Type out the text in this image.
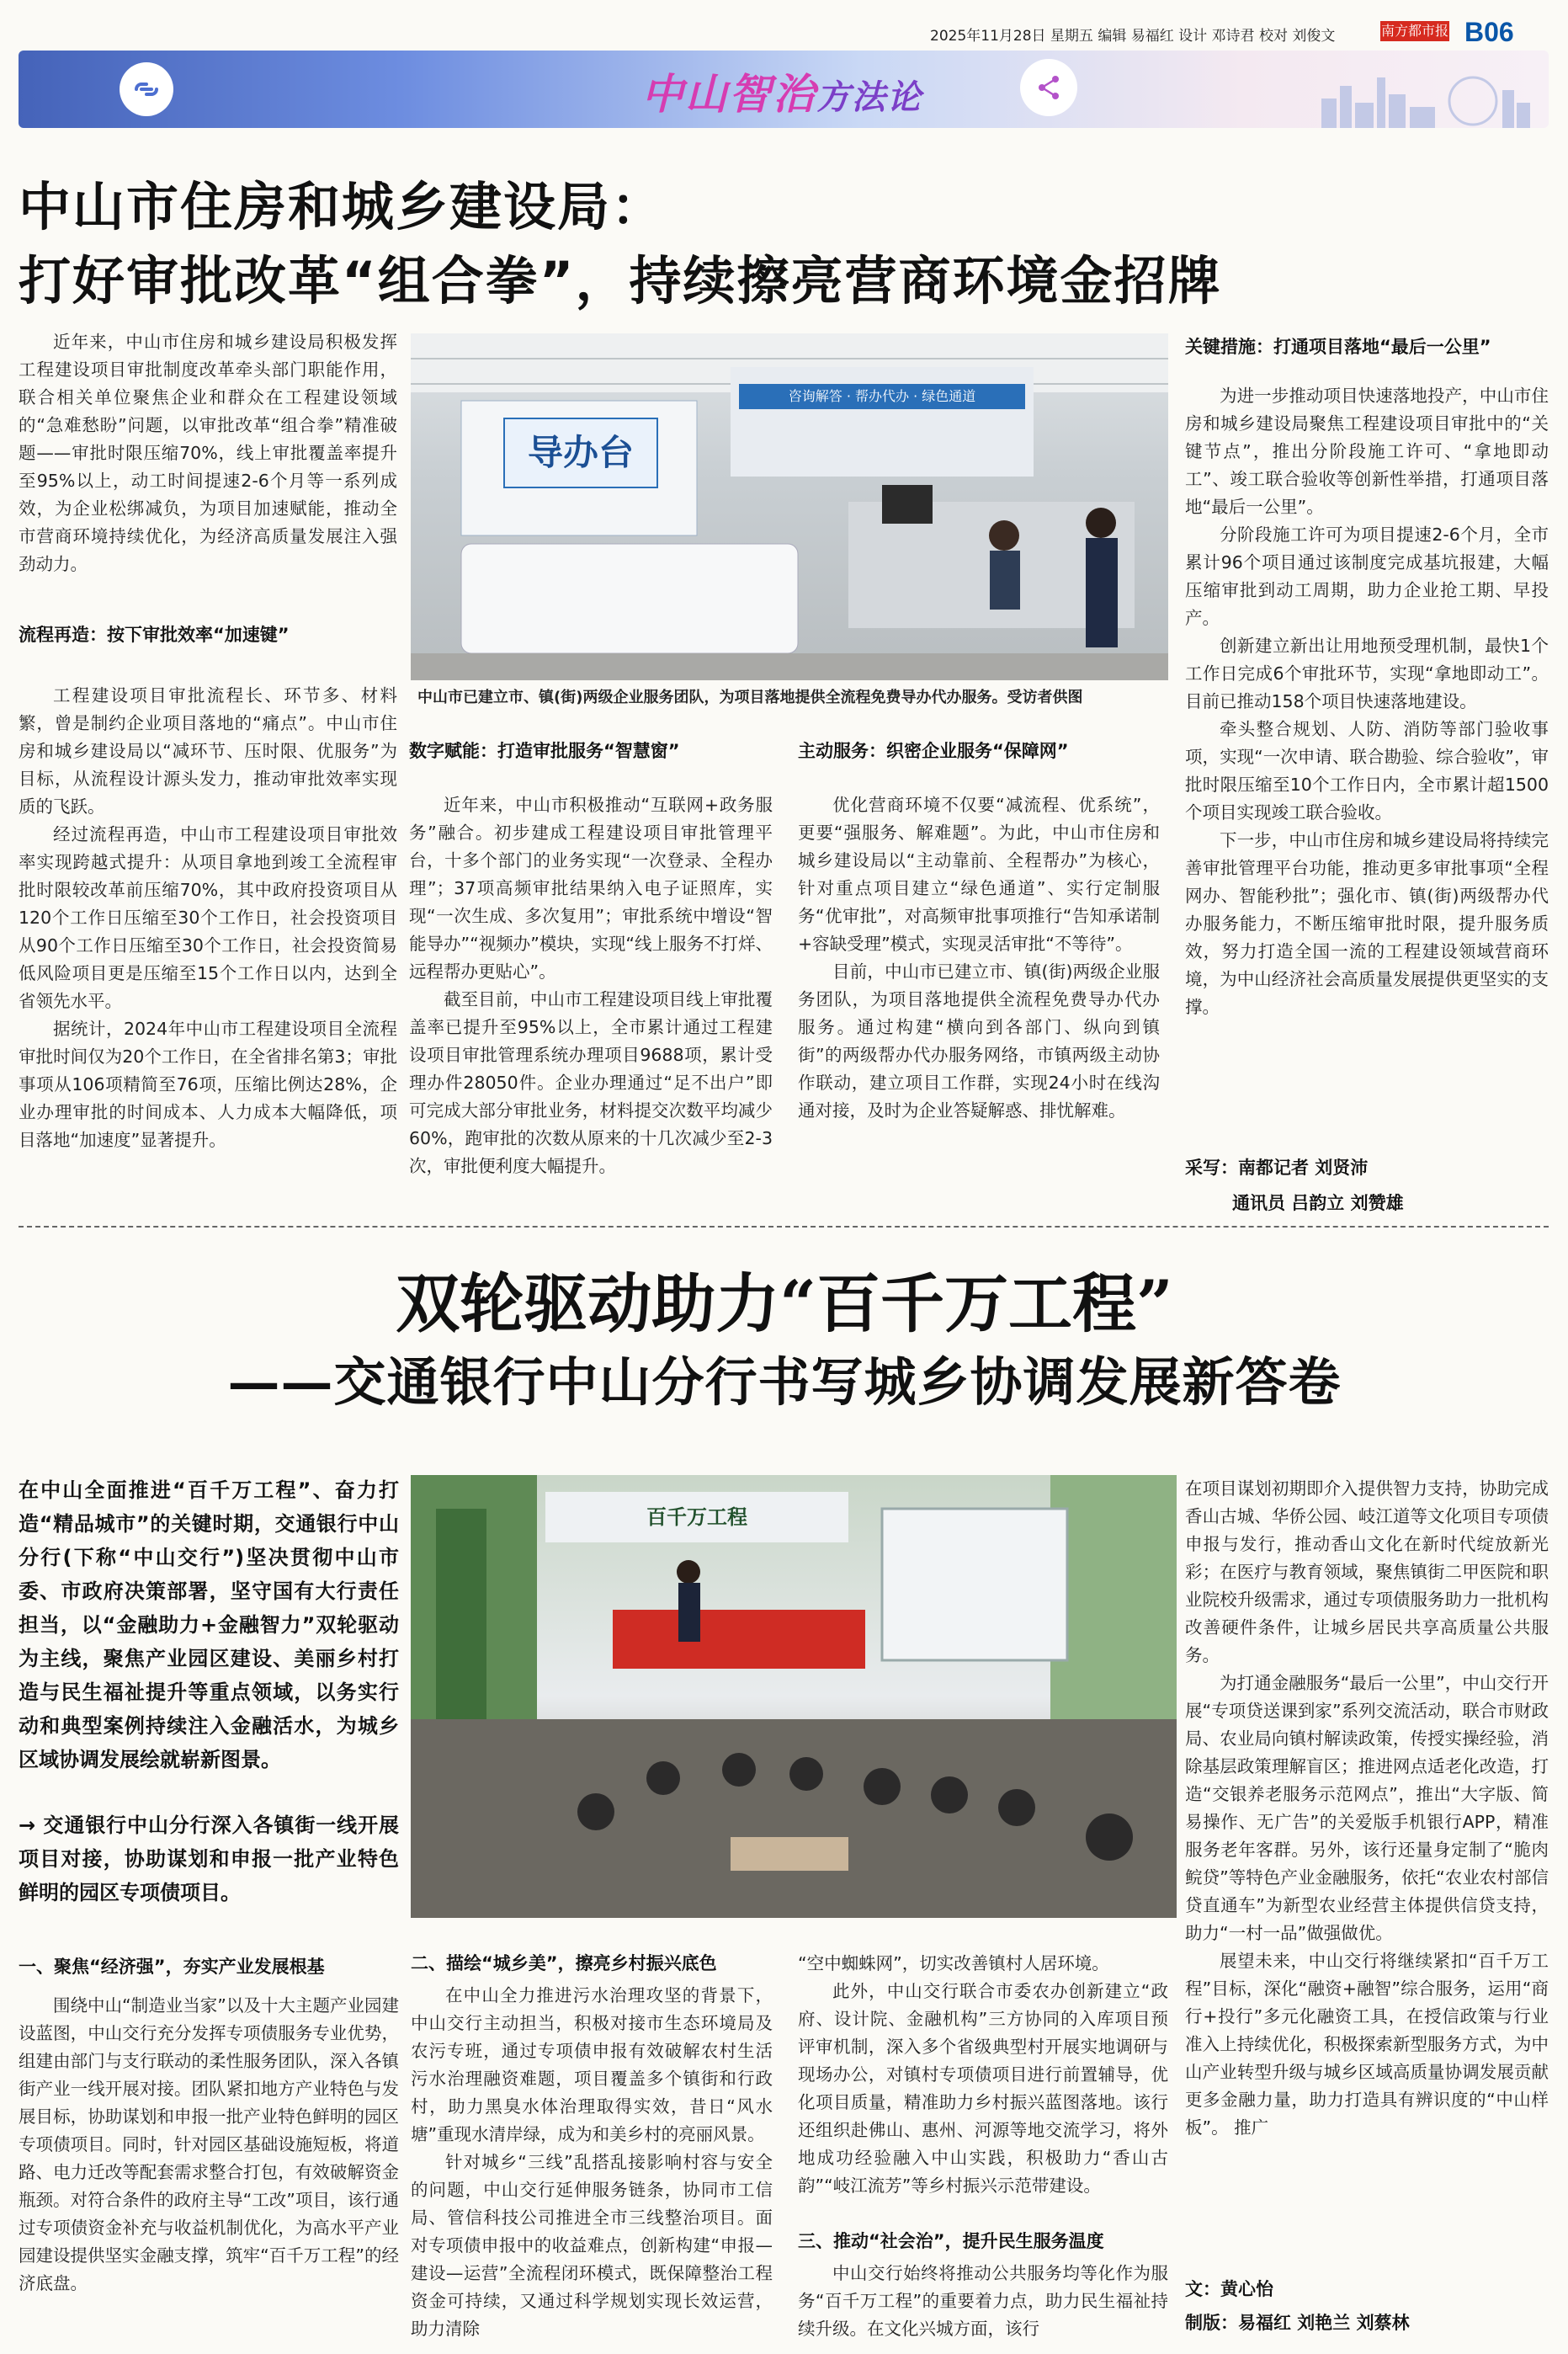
2025年11月28日 星期五 编辑 易福红 设计 邓诗君 校对 刘俊文	南方都市报 B06
中山智治方法论
中山市住房和城乡建设局：
打好审批改革“组合拳”，持续擦亮营商环境金招牌

近年来，中山市住房和城乡建设局积极发挥工程建设项目审批制度改革牵头部门职能作用，联合相关单位聚焦企业和群众在工程建设领域的“急难愁盼”问题，以审批改革“组合拳”精准破题——审批时限压缩70%，线上审批覆盖率提升至95%以上，动工时间提速2-6个月等一系列成效，为企业松绑减负，为项目加速赋能，推动全市营商环境持续优化，为经济高质量发展注入强劲动力。

流程再造：按下审批效率“加速键”

工程建设项目审批流程长、环节多、材料繁，曾是制约企业项目落地的“痛点”。中山市住房和城乡建设局以“减环节、压时限、优服务”为目标，从流程设计源头发力，推动审批效率实现质的飞跃。

经过流程再造，中山市工程建设项目审批效率实现跨越式提升：从项目拿地到竣工全流程审批时限较改革前压缩70%，其中政府投资项目从120个工作日压缩至30个工作日，社会投资项目从90个工作日压缩至30个工作日，社会投资简易低风险项目更是压缩至15个工作日以内，达到全省领先水平。

据统计，2024年中山市工程建设项目全流程审批时间仅为20个工作日，在全省排名第3；审批事项从106项精简至76项，压缩比例达28%，企业办理审批的时间成本、人力成本大幅降低，项目落地“加速度”显著提升。

导办台
咨询解答 · 帮办代办 · 绿色通道
中山市已建立市、镇(街)两级企业服务团队，为项目落地提供全流程免费导办代办服务。受访者供图
数字赋能：打造审批服务“智慧窗”

近年来，中山市积极推动“互联网+政务服务”融合。初步建成工程建设项目审批管理平台，十多个部门的业务实现“一次登录、全程办理”；37项高频审批结果纳入电子证照库，实现“一次生成、多次复用”；审批系统中增设“智能导办”“视频办”模块，实现“线上服务不打烊、远程帮办更贴心”。

截至目前，中山市工程建设项目线上审批覆盖率已提升至95%以上，全市累计通过工程建设项目审批管理系统办理项目9688项，累计受理办件28050件。企业办理通过“足不出户”即可完成大部分审批业务，材料提交次数平均减少60%，跑审批的次数从原来的十几次减少至2-3次，审批便利度大幅提升。

主动服务：织密企业服务“保障网”

优化营商环境不仅要“减流程、优系统”，更要“强服务、解难题”。为此，中山市住房和城乡建设局以“主动靠前、全程帮办”为核心，针对重点项目建立“绿色通道”、实行定制服务“优审批”，对高频审批事项推行“告知承诺制+容缺受理”模式，实现灵活审批“不等待”。

目前，中山市已建立市、镇(街)两级企业服务团队，为项目落地提供全流程免费导办代办服务。通过构建“横向到各部门、纵向到镇街”的两级帮办代办服务网络，市镇两级主动协作联动，建立项目工作群，实现24小时在线沟通对接，及时为企业答疑解惑、排忧解难。

关键措施：打通项目落地“最后一公里”

为进一步推动项目快速落地投产，中山市住房和城乡建设局聚焦工程建设项目审批中的“关键节点”，推出分阶段施工许可、“拿地即动工”、竣工联合验收等创新性举措，打通项目落地“最后一公里”。

分阶段施工许可为项目提速2-6个月，全市累计96个项目通过该制度完成基坑报建，大幅压缩审批到动工周期，助力企业抢工期、早投产。

创新建立新出让用地预受理机制，最快1个工作日完成6个审批环节，实现“拿地即动工”。目前已推动158个项目快速落地建设。

牵头整合规划、人防、消防等部门验收事项，实现“一次申请、联合勘验、综合验收”，审批时限压缩至10个工作日内，全市累计超1500个项目实现竣工联合验收。

下一步，中山市住房和城乡建设局将持续完善审批管理平台功能，推动更多审批事项“全程网办、智能秒批”；强化市、镇(街)两级帮办代办服务能力，不断压缩审批时限，提升服务质效，努力打造全国一流的工程建设领域营商环境，为中山经济社会高质量发展提供更坚实的支撑。

采写：南都记者 刘贤沛
通讯员 吕韵立 刘赞雄
双轮驱动助力“百千万工程”
——交通银行中山分行书写城乡协调发展新答卷
在中山全面推进“百千万工程”、奋力打造“精品城市”的关键时期，交通银行中山分行(下称“中山交行”)坚决贯彻中山市委、市政府决策部署，坚守国有大行责任担当，以“金融助力+金融智力”双轮驱动为主线，聚焦产业园区建设、美丽乡村打造与民生福祉提升等重点领域，以务实行动和典型案例持续注入金融活水，为城乡区域协调发展绘就崭新图景。
→ 交通银行中山分行深入各镇街一线开展项目对接，协助谋划和申报一批产业特色鲜明的园区专项债项目。
一、聚焦“经济强”，夯实产业发展根基

围绕中山“制造业当家”以及十大主题产业园建设蓝图，中山交行充分发挥专项债服务专业优势，组建由部门与支行联动的柔性服务团队，深入各镇街产业一线开展对接。团队紧扣地方产业特色与发展目标，协助谋划和申报一批产业特色鲜明的园区专项债项目。同时，针对园区基础设施短板，将道路、电力迁改等配套需求整合打包，有效破解资金瓶颈。对符合条件的政府主导“工改”项目，该行通过专项债资金补充与收益机制优化，为高水平产业园建设提供坚实金融支撑，筑牢“百千万工程”的经济底盘。

百千万工程
二、描绘“城乡美”，擦亮乡村振兴底色

在中山全力推进污水治理攻坚的背景下，中山交行主动担当，积极对接市生态环境局及农污专班，通过专项债申报有效破解农村生活污水治理融资难题，项目覆盖多个镇街和行政村，助力黑臭水体治理取得实效，昔日“风水塘”重现水清岸绿，成为和美乡村的亮丽风景。

针对城乡“三线”乱搭乱接影响村容与安全的问题，中山交行延伸服务链条，协同市工信局、管信科技公司推进全市三线整治项目。面对专项债申报中的收益难点，创新构建“申报—建设—运营”全流程闭环模式，既保障整治工程资金可持续，又通过科学规划实现长效运营，助力清除

“空中蜘蛛网”，切实改善镇村人居环境。

此外，中山交行联合市委农办创新建立“政府、设计院、金融机构”三方协同的入库项目预评审机制，深入多个省级典型村开展实地调研与现场办公，对镇村专项债项目进行前置辅导，优化项目质量，精准助力乡村振兴蓝图落地。该行还组织赴佛山、惠州、河源等地交流学习，将外地成功经验融入中山实践，积极助力“香山古韵”“岐江流芳”等乡村振兴示范带建设。

三、推动“社会治”，提升民生服务温度

中山交行始终将推动公共服务均等化作为服务“百千万工程”的重要着力点，助力民生福祉持续升级。在文化兴城方面，该行

在项目谋划初期即介入提供智力支持，协助完成香山古城、华侨公园、岐江道等文化项目专项债申报与发行，推动香山文化在新时代绽放新光彩；在医疗与教育领域，聚焦镇街二甲医院和职业院校升级需求，通过专项债服务助力一批机构改善硬件条件，让城乡居民共享高质量公共服务。

为打通金融服务“最后一公里”，中山交行开展“专项贷送课到家”系列交流活动，联合市财政局、农业局向镇村解读政策，传授实操经验，消除基层政策理解盲区；推进网点适老化改造，打造“交银养老服务示范网点”，推出“大字版、简易操作、无广告”的关爱版手机银行APP，精准服务老年客群。另外，该行还量身定制了“脆肉鲩贷”等特色产业金融服务，依托“农业农村部信贷直通车”为新型农业经营主体提供信贷支持，助力“一村一品”做强做优。

展望未来，中山交行将继续紧扣“百千万工程”目标，深化“融资+融智”综合服务，运用“商行+投行”多元化融资工具，在授信政策与行业准入上持续优化，积极探索新型服务方式，为中山产业转型升级与城乡区域高质量协调发展贡献更多金融力量，助力打造具有辨识度的“中山样板”。 推广

文：黄心怡
制版：易福红 刘艳兰 刘蔡林
